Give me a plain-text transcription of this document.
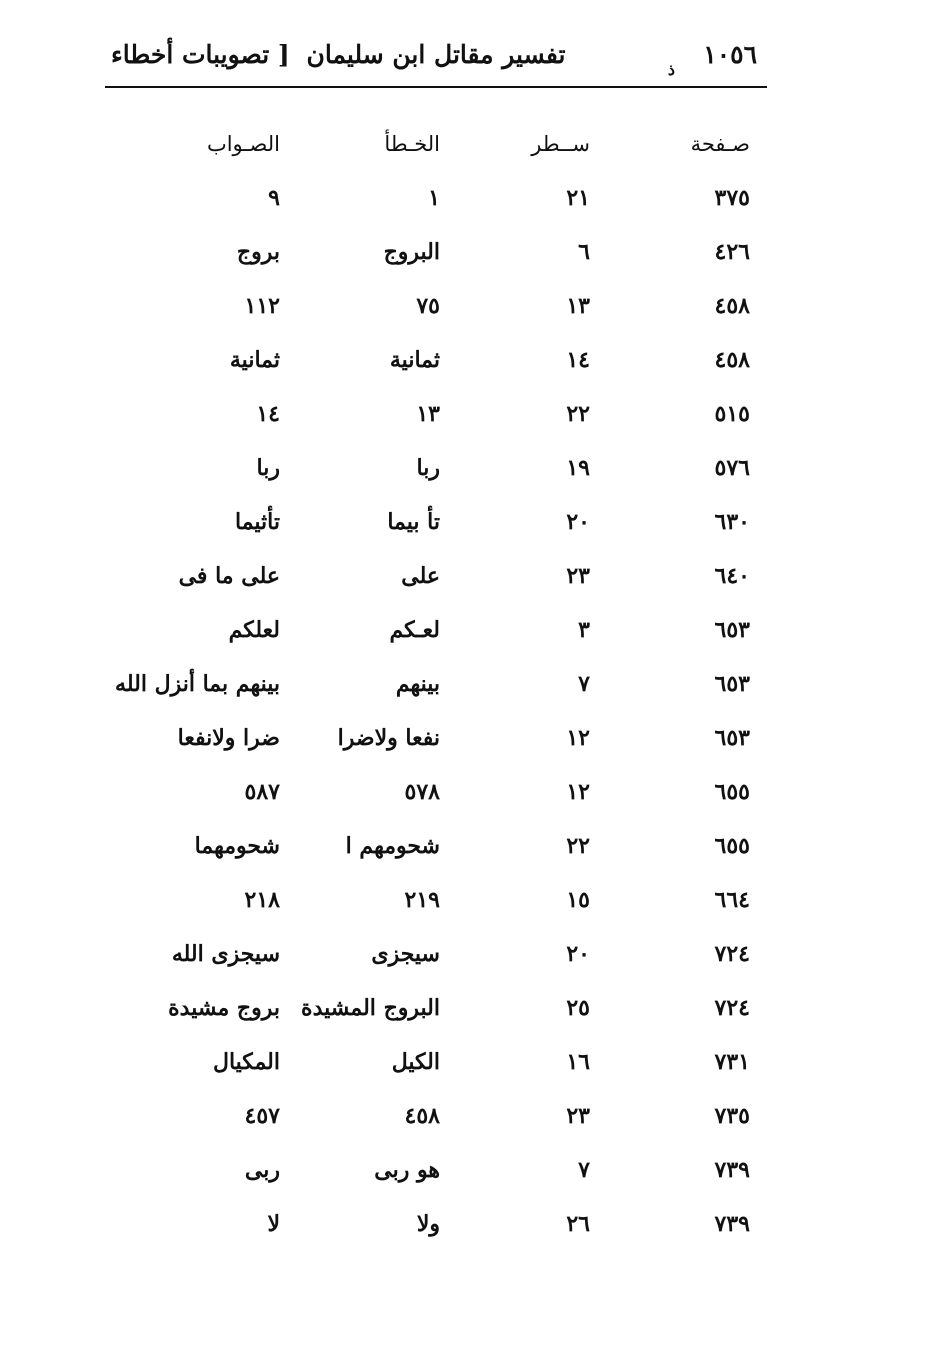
١٠٥٦
ذ
تفسير مقاتل ابن سليمان
[ تصويبات أخطاء
صـفحة
ســطر
الخـطأ
الصـواب
٣٧٥
٢١
١
٩
٤٢٦
٦
البروج
بروج
٤٥٨
١٣
٧٥
١١٢
٤٥٨
١٤
ثمانية
ثمانية
٥١٥
٢٢
١٣
١٤
٥٧٦
١٩
ربا
ربا
٦٣٠
٢٠
تأ بيما
تأثيما
٦٤٠
٢٣
على
على ما فى
٦٥٣
٣
لعـكم
لعلكم
٦٥٣
٧
بينهم
بينهم بما أنزل الله
٦٥٣
١٢
نفعا ولاضرا
ضرا ولانفعا
٦٥٥
١٢
٥٧٨
٥٨٧
٦٥٥
٢٢
شحومهم ا
شحومهما
٦٦٤
١٥
٢١٩
٢١٨
٧٢٤
٢٠
سيجزى
سيجزى الله
٧٢٤
٢٥
البروج المشيدة
بروج مشيدة
٧٣١
١٦
الكيل
المكيال
٧٣٥
٢٣
٤٥٨
٤٥٧
٧٣٩
٧
هو ربى
ربى
٧٣٩
٢٦
ولا
لا
